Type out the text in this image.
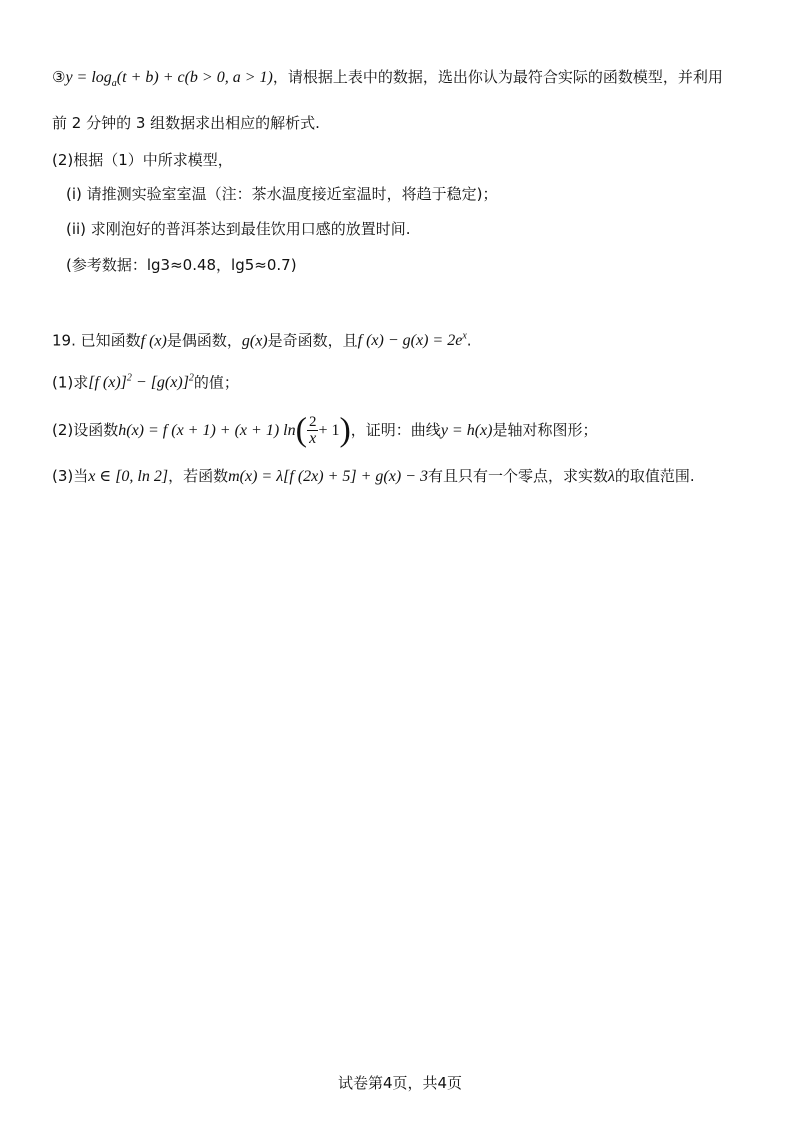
③y = $\log_a(t + b) + c(b > 0$, a > 1)，请根据上表中的数据，选出你认为最符合实际的函数模型，并利用
前 2 分钟的 3 组数据求出相应的解析式.
(2)根据（1）中所求模型，
(i) 请推测实验室室温（注：茶水温度接近室温时，将趋于稳定)；
(ii) 求刚泡好的普洱茶达到最佳饮用口感的放置时间.
(参考数据：lg3≈0.48，lg5≈0.7)
19. 已知函数f (x)是偶函数，g(x)是奇函数，且f $(x) - g(x) = 2e^x$.
(1)求[f $(x)]^2 - [g(x)]^2$的值；
(2)设函数h(x) = f (x + 1) + (x + 1) $\ln( \frac{2}{x} + 1)$，证明：曲线y = h(x)是轴对称图形；
(3)当x ∈ [0, ln 2]，若函数m(x) = λ[f (2x) + 5] + g(x) − 3有且只有一个零点，求实数λ的取值范围.
试卷第4页，共4页
